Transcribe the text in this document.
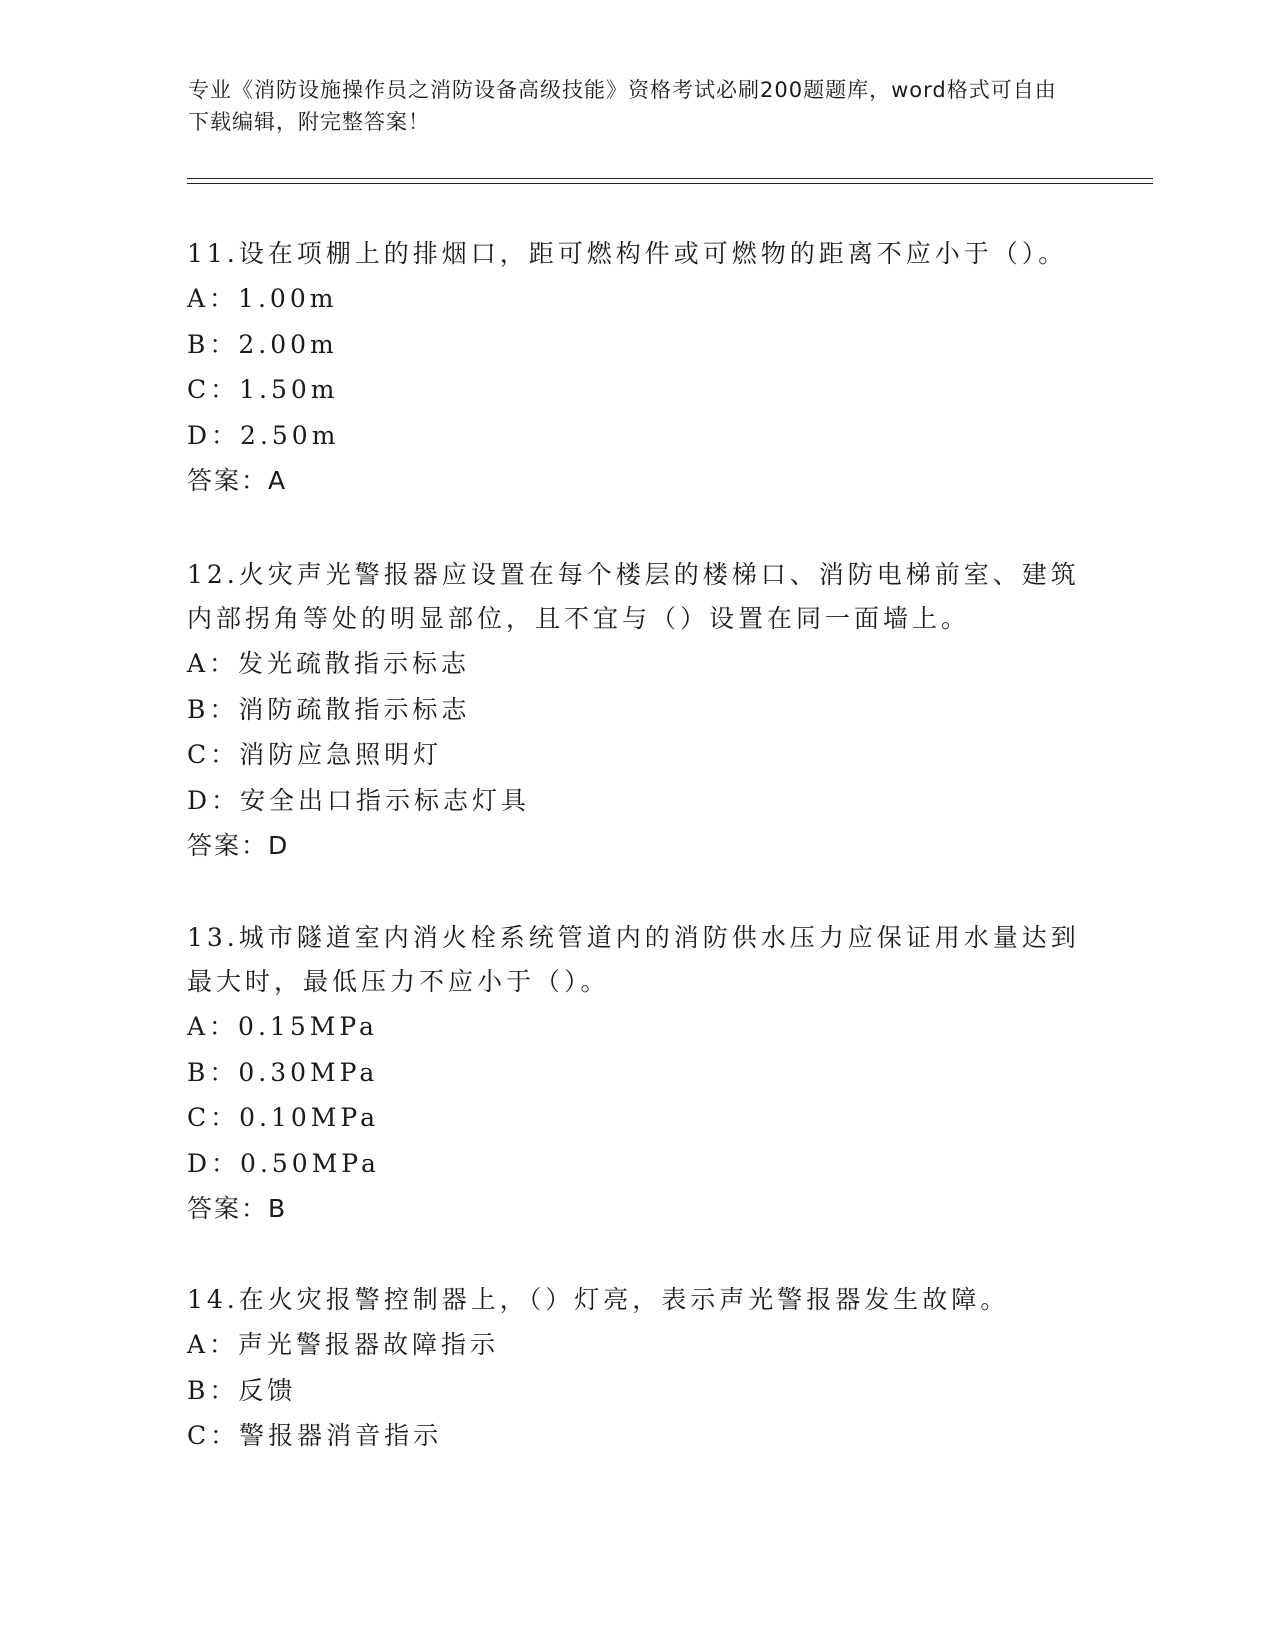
专业《消防设施操作员之消防设备高级技能》资格考试必刷200题题库，word格式可自由下载编辑，附完整答案！

11.设在项棚上的排烟口，距可燃构件或可燃物的距离不应小于（）。

A：1.00m

B：2.00m

C：1.50m

D：2.50m

答案：A

12.火灾声光警报器应设置在每个楼层的楼梯口、消防电梯前室、建筑内部拐角等处的明显部位，且不宜与（）设置在同一面墙上。

A：发光疏散指示标志

B：消防疏散指示标志

C：消防应急照明灯

D：安全出口指示标志灯具

答案：D

13.城市隧道室内消火栓系统管道内的消防供水压力应保证用水量达到最大时，最低压力不应小于（）。

A：0.15MPa

B：0.30MPa

C：0.10MPa

D：0.50MPa

答案：B

14.在火灾报警控制器上，（）灯亮，表示声光警报器发生故障。

A：声光警报器故障指示

B：反馈

C：警报器消音指示
